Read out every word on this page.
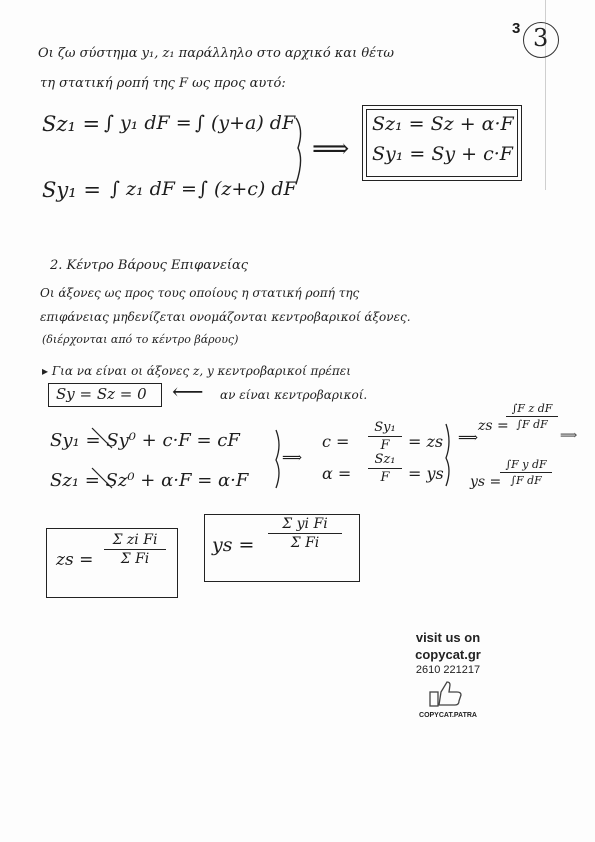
3 3
Οι ζω σύστημα y₁, z₁ παράλληλο στο αρχικό και θέτω
τη στατική ροπή της F ως προς αυτό:
Sz₁ = ∫ y₁ dF = ∫ (y+a) dF
Sy₁ = ∫ z₁ dF = ∫ (z+c) dF
⟹
Sz₁ = Sz + α·F
Sy₁ = Sy + c·F
2. Κέντρο Βάρους Επιφανείας
Οι άξονες ως προς τους οποίους η στατική ροπή της
επιφάνειας μηδενίζεται ονομάζονται κεντροβαρικοί άξονες.
(διέρχονται από το κέντρο βάρους)
▸ Για να είναι οι άξονες z, y κεντροβαρικοί πρέπει
Sy = Sz = 0 ⟵ αν είναι κεντροβαρικοί.
Sy₁ = Sy⁰ + c·F = cF
Sz₁ = Sz⁰ + α·F = α·F
⟹
c =
Sy₁
F	= zs
α =
Sz₁
F	= ys
⟹
zs =
∫F z dF
∫F dF
⟹
ys =
∫F y dF
∫F dF
zs =
Σ zi Fi
Σ Fi
ys =
Σ yi Fi
Σ Fi
visit us on
copycat.gr
2610 221217
COPYCAT.PATRA
